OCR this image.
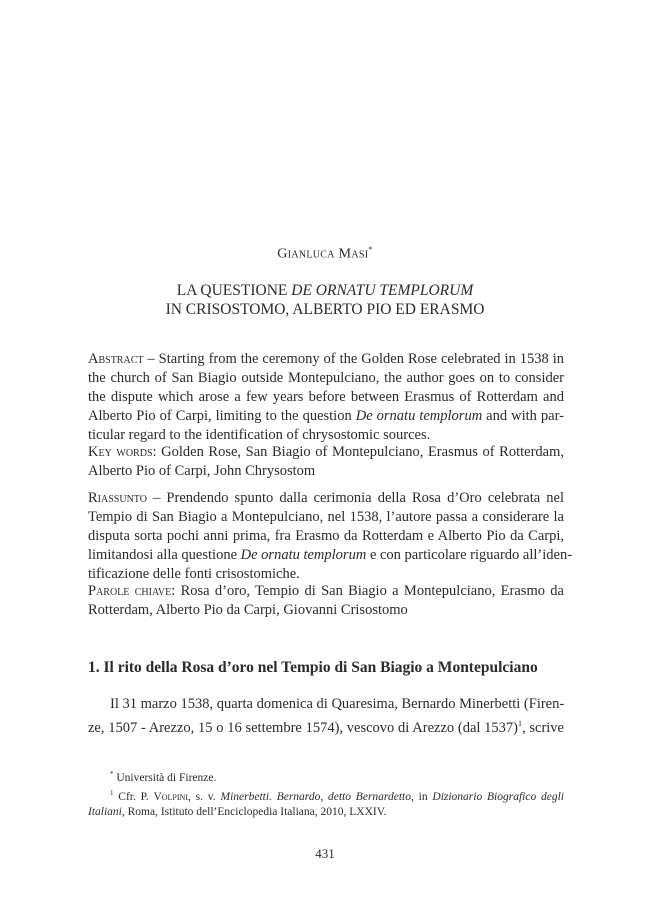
Gianluca Masi*
LA QUESTIONE DE ORNATU TEMPLORUM
IN CRISOSTOMO, ALBERTO PIO ED ERASMO
Abstract – Starting from the ceremony of the Golden Rose celebrated in 1538 in
the church of San Biagio outside Montepulciano, the author goes on to consider
the dispute which arose a few years before between Erasmus of Rotterdam and
Alberto Pio of Carpi, limiting to the question De ornatu templorum and with par-
ticular regard to the identification of chrysostomic sources.
Key words: Golden Rose, San Biagio of Montepulciano, Erasmus of Rotterdam,
Alberto Pio of Carpi, John Chrysostom
Riassunto – Prendendo spunto dalla cerimonia della Rosa d’Oro celebrata nel
Tempio di San Biagio a Montepulciano, nel 1538, l’autore passa a considerare la
disputa sorta pochi anni prima, fra Erasmo da Rotterdam e Alberto Pio da Carpi,
limitandosi alla questione De ornatu templorum e con particolare riguardo all’iden-
tificazione delle fonti crisostomiche.
Parole chiave: Rosa d’oro, Tempio di San Biagio a Montepulciano, Erasmo da
Rotterdam, Alberto Pio da Carpi, Giovanni Crisostomo
1. Il rito della Rosa d’oro nel Tempio di San Biagio a Montepulciano
Il 31 marzo 1538, quarta domenica di Quaresima, Bernardo Minerbetti (Firen-
ze, 1507 - Arezzo, 15 o 16 settembre 1574), vescovo di Arezzo (dal 1537)$^1$, scrive
* Università di Firenze.
$^1$ Cfr. P. Volpini, s. v. Minerbetti. Bernardo, detto Bernardetto, in Dizionario Biografico degli
Italiani, Roma, Istituto dell’Enciclopedia Italiana, 2010, LXXIV.
431
